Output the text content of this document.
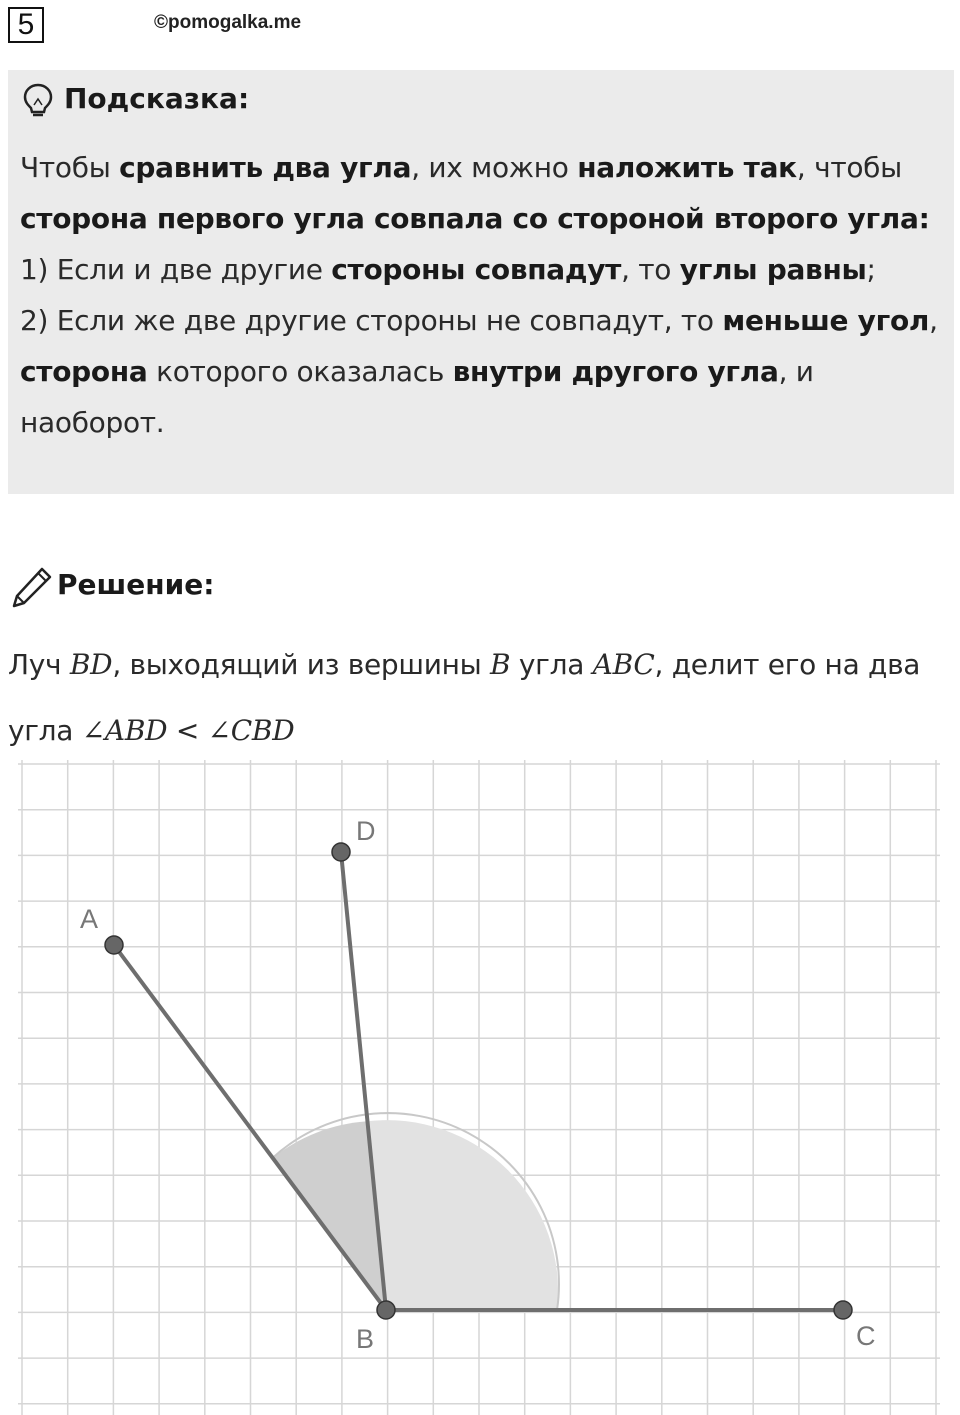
5	©pomogalka.me
Подсказка:
Чтобы сравнить два угла, их можно наложить так, чтобы
сторона первого угла совпала со стороной второго угла:
1) Если и две другие стороны совпадут, то углы равны;
2) Если же две другие стороны не совпадут, то меньше угол, сторона которого оказалась внутри другого угла, и наоборот.
Решение:
Луч BD, выходящий из вершины B угла ABC, делит его на два угла ∠ABD < ∠CBD
A
D
B	C
